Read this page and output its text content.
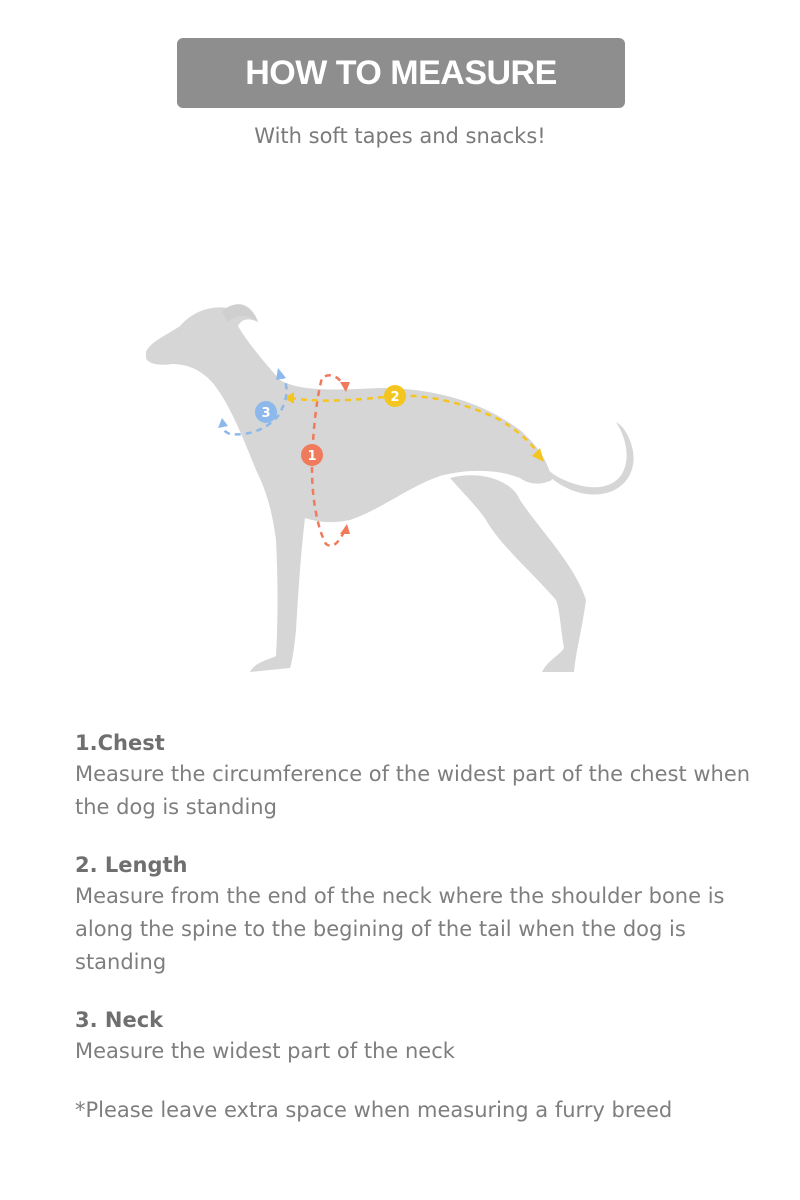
HOW TO MEASURE
With soft tapes and snacks!
1
2
3
1.Chest
Measure the circumference of the widest part of the chest when the dog is standing
2. Length
Measure from the end of the neck where the shoulder bone is along the spine to the begining of the tail when the dog is standing
3. Neck
Measure the widest part of the neck
*Please leave extra space when measuring a furry breed
